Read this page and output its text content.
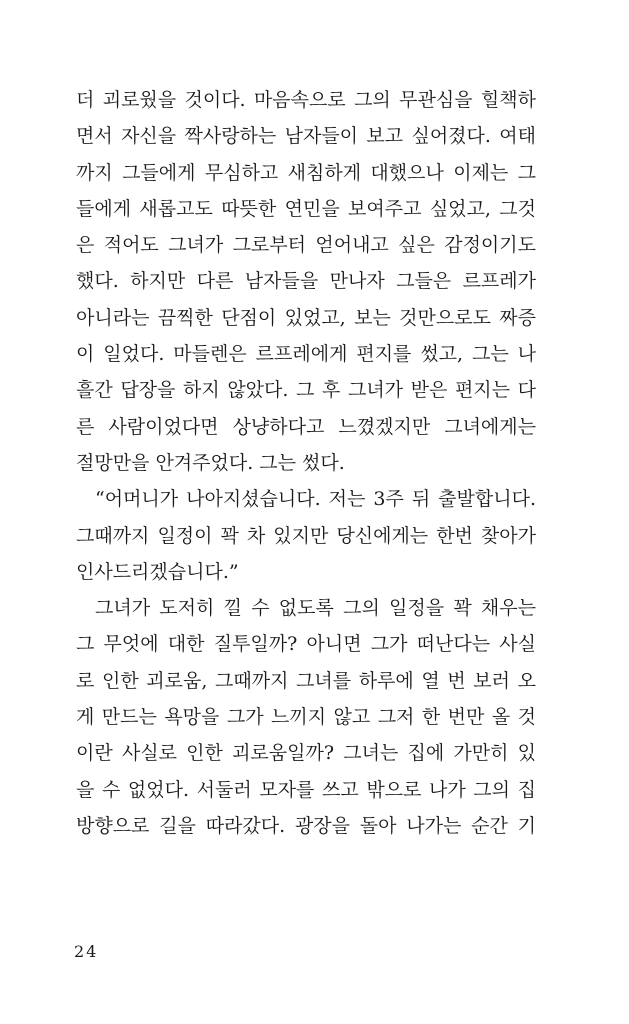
더 괴로웠을 것이다. 마음속으로 그의 무관심을 힐책하
면서 자신을 짝사랑하는 남자들이 보고 싶어졌다. 여태
까지 그들에게 무심하고 새침하게 대했으나 이제는 그
들에게 새롭고도 따뜻한 연민을 보여주고 싶었고, 그것
은 적어도 그녀가 그로부터 얻어내고 싶은 감정이기도
했다. 하지만 다른 남자들을 만나자 그들은 르프레가
아니라는 끔찍한 단점이 있었고, 보는 것만으로도 짜증
이 일었다. 마들렌은 르프레에게 편지를 썼고, 그는 나
흘간 답장을 하지 않았다. 그 후 그녀가 받은 편지는 다
른 사람이었다면 상냥하다고 느꼈겠지만 그녀에게는
절망만을 안겨주었다. 그는 썼다.
“어머니가 나아지셨습니다. 저는 3주 뒤 출발합니다.
그때까지 일정이 꽉 차 있지만 당신에게는 한번 찾아가
인사드리겠습니다.”
그녀가 도저히 낄 수 없도록 그의 일정을 꽉 채우는
그 무엇에 대한 질투일까? 아니면 그가 떠난다는 사실
로 인한 괴로움, 그때까지 그녀를 하루에 열 번 보러 오
게 만드는 욕망을 그가 느끼지 않고 그저 한 번만 올 것
이란 사실로 인한 괴로움일까? 그녀는 집에 가만히 있
을 수 없었다. 서둘러 모자를 쓰고 밖으로 나가 그의 집
방향으로 길을 따라갔다. 광장을 돌아 나가는 순간 기
24
